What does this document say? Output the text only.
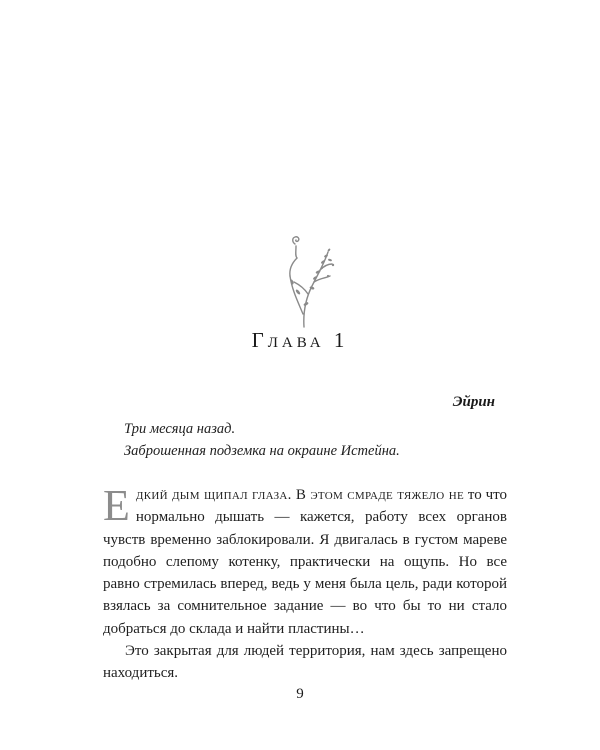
Глава 1
Эйрин
Три месяца назад.
Заброшенная подземка на окраине Истейна.

Едкий дым щипал глаза. В этом смраде тяжело не то что нормально дышать — кажется, работу всех органов чувств временно заблокировали. Я двигалась в густом мареве подобно слепому котенку, практически на ощупь. Но все равно стремилась вперед, ведь у меня была цель, ради которой взялась за сомнительное задание — во что бы то ни стало добраться до склада и найти пластины…

Это закрытая для людей территория, нам здесь запрещено находиться.

9
